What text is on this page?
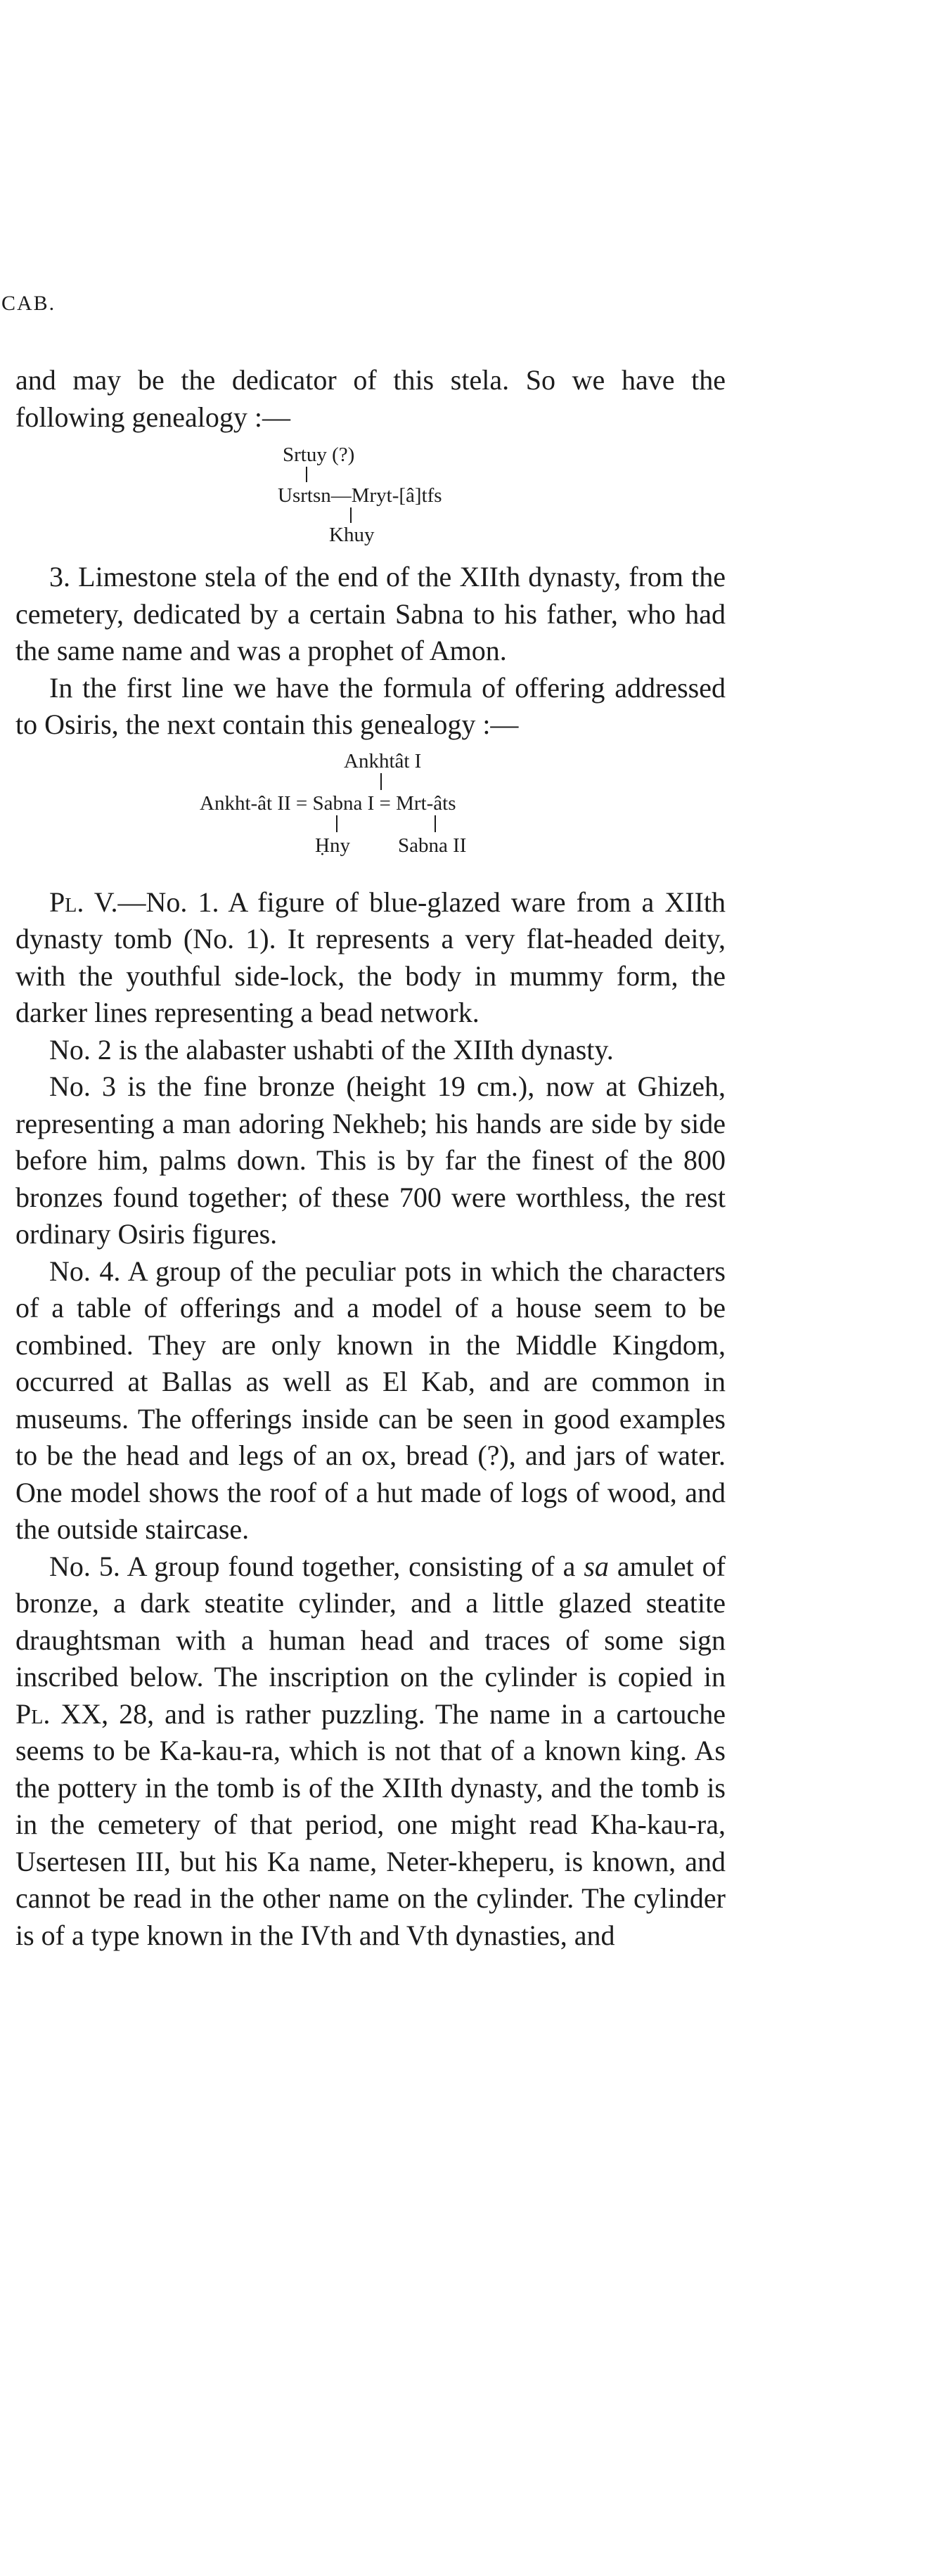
CAB.

and may be the dedicator of this stela. So we have the following genealogy :—

Srtuy (?)
Usrtsn—Mryt-[â]tfs
Khuy

3. Limestone stela of the end of the XIIth dynasty, from the cemetery, dedicated by a certain Sabna to his father, who had the same name and was a prophet of Amon.

In the first line we have the formula of offering addressed to Osiris, the next contain this genealogy :—

Ankhtât I
Ankht-ât II = Sabna I = Mrt-âts
Ḥny Sabna II

Pl. V.—No. 1. A figure of blue-glazed ware from a XIIth dynasty tomb (No. 1). It represents a very flat-headed deity, with the youthful side-lock, the body in mummy form, the darker lines representing a bead network.

No. 2 is the alabaster ushabti of the XIIth dynasty.

No. 3 is the fine bronze (height 19 cm.), now at Ghizeh, representing a man adoring Nekheb; his hands are side by side before him, palms down. This is by far the finest of the 800 bronzes found together; of these 700 were worthless, the rest ordinary Osiris figures.

No. 4. A group of the peculiar pots in which the characters of a table of offerings and a model of a house seem to be combined. They are only known in the Middle Kingdom, occurred at Ballas as well as El Kab, and are common in museums. The offerings inside can be seen in good examples to be the head and legs of an ox, bread (?), and jars of water. One model shows the roof of a hut made of logs of wood, and the outside staircase.

No. 5. A group found together, consisting of a sa amulet of bronze, a dark steatite cylinder, and a little glazed steatite draughtsman with a human head and traces of some sign inscribed below. The inscription on the cylinder is copied in Pl. XX, 28, and is rather puzzling. The name in a cartouche seems to be Ka-kau-ra, which is not that of a known king. As the pottery in the tomb is of the XIIth dynasty, and the tomb is in the cemetery of that period, one might read Kha-kau-ra, Usertesen III, but his Ka name, Neter-kheperu, is known, and cannot be read in the other name on the cylinder. The cylinder is of a type known in the IVth and Vth dynasties, and
